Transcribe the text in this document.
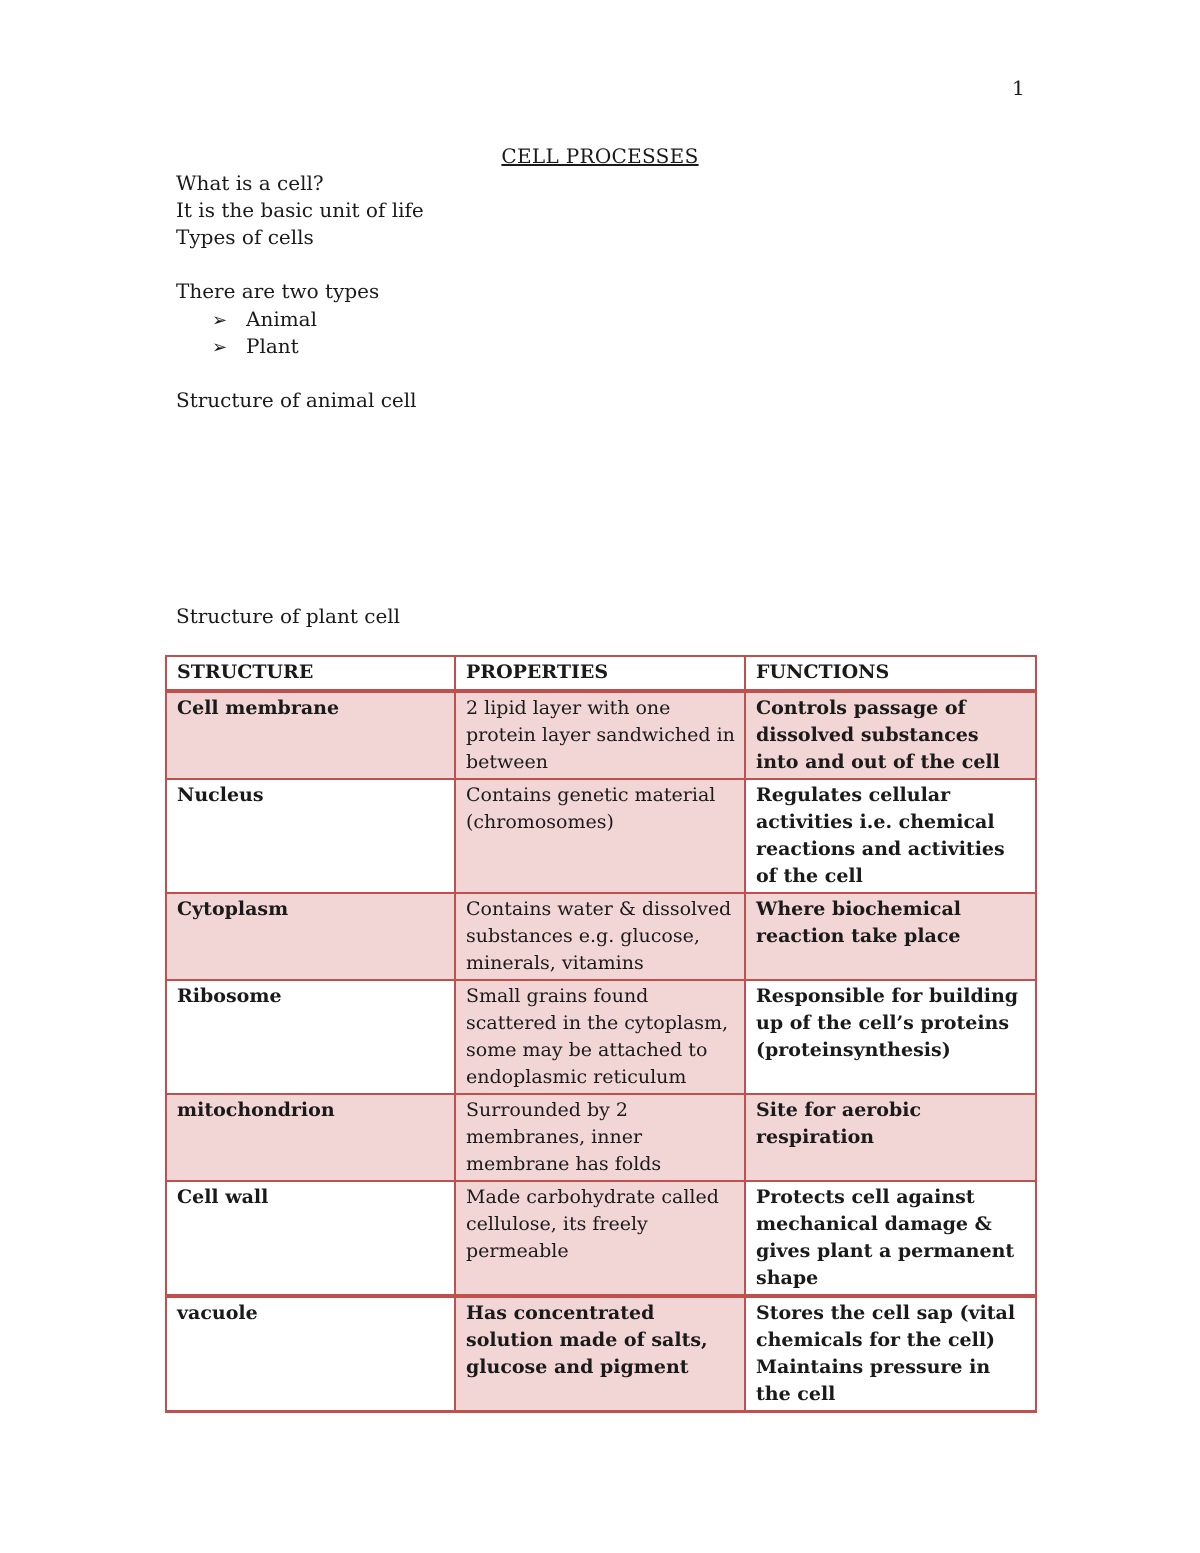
1
CELL PROCESSES
What is a cell?
It is the basic unit of life
Types of cells
There are two types
➢ Animal
➢ Plant
Structure of animal cell
Structure of plant cell
STRUCTURE	PROPERTIES	FUNCTIONS
Cell membrane	2 lipid layer with one protein layer sandwiched in between	Controls passage of dissolved substances into and out of the cell
Nucleus	Contains genetic material (chromosomes)	Regulates cellular activities i.e. chemical reactions and activities of the cell
Cytoplasm	Contains water & dissolved substances e.g. glucose, minerals, vitamins	Where biochemical reaction take place
Ribosome	Small grains found scattered in the cytoplasm, some may be attached to endoplasmic reticulum	Responsible for building up of the cell’s proteins (proteinsynthesis)
mitochondrion	Surrounded by 2 membranes, inner membrane has folds	Site for aerobic respiration
Cell wall	Made carbohydrate called cellulose, its freely permeable	Protects cell against mechanical damage & gives plant a permanent shape
vacuole	Has concentrated solution made of salts, glucose and pigment	Stores the cell sap (vital chemicals for the cell) Maintains pressure in the cell
